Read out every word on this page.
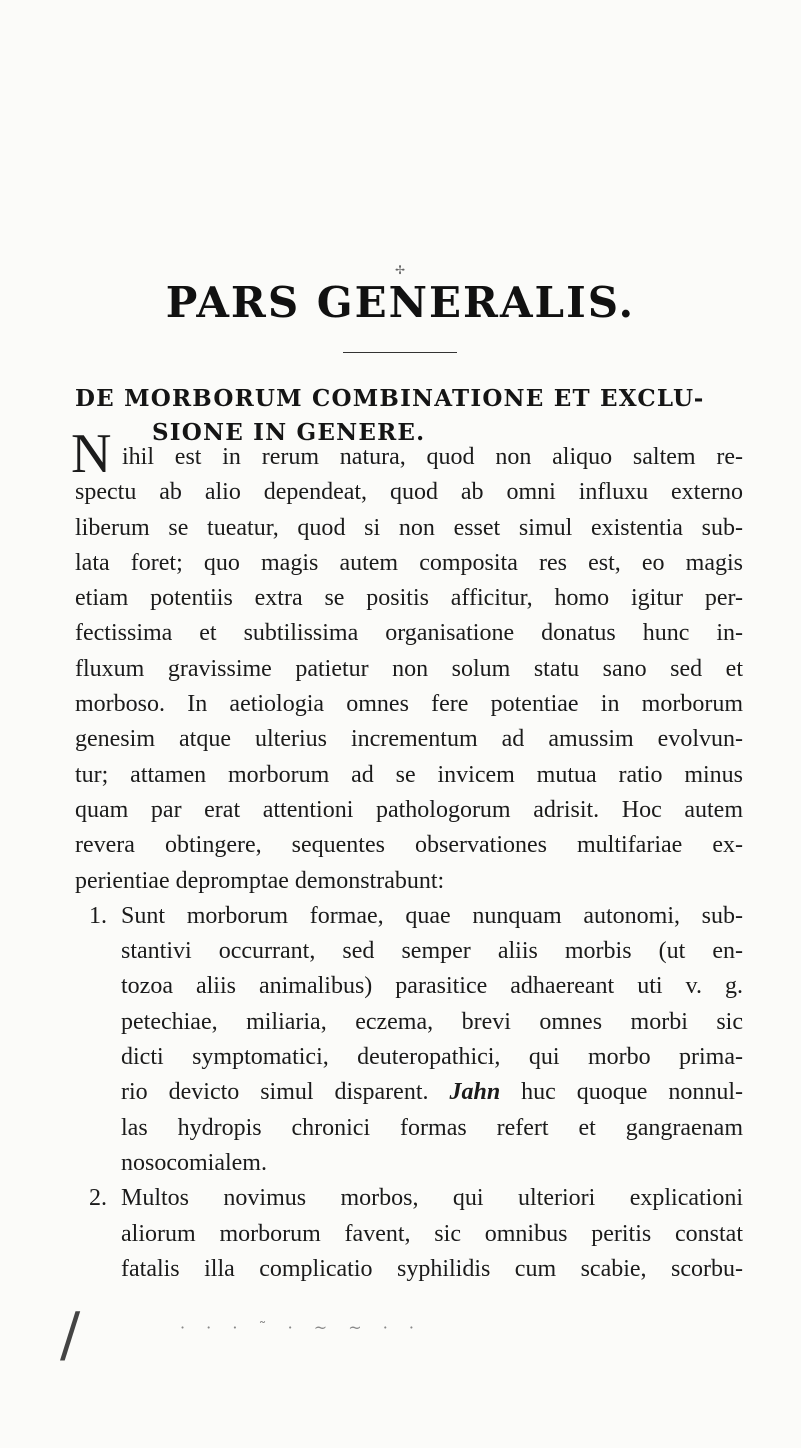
✢
PARS GENERALIS.
DE MORBORUM COMBINATIONE ET EXCLU-
SIONE IN GENERE.
N ihil est in rerum natura, quod non aliquo saltem re-
spectu ab alio dependeat, quod ab omni influxu externo
liberum se tueatur, quod si non esset simul existentia sub-
lata foret; quo magis autem composita res est, eo magis
etiam potentiis extra se positis afficitur, homo igitur per-
fectissima et subtilissima organisatione donatus hunc in-
fluxum gravissime patietur non solum statu sano sed et
morboso. In aetiologia omnes fere potentiae in morborum
genesim atque ulterius incrementum ad amussim evolvun-
tur; attamen morborum ad se invicem mutua ratio minus
quam par erat attentioni pathologorum adrisit. Hoc autem
revera obtingere, sequentes observationes multifariae ex-
perientiae depromptae demonstrabunt:
1. Sunt morborum formae, quae nunquam autonomi, sub-
stantivi occurrant, sed semper aliis morbis (ut en-
tozoa aliis animalibus) parasitice adhaereant uti v. g.
petechiae, miliaria, eczema, brevi omnes morbi sic
dicti symptomatici, deuteropathici, qui morbo prima-
rio devicto simul disparent. Jahn huc quoque nonnul-
las hydropis chronici formas refert et gangraenam
nosocomialem.
2. Multos novimus morbos, qui ulteriori explicationi
aliorum morborum favent, sic omnibus peritis constat
fatalis illa complicatio syphilidis cum scabie, scorbu-
/	· · · ˜ · ~ ~ · ·
